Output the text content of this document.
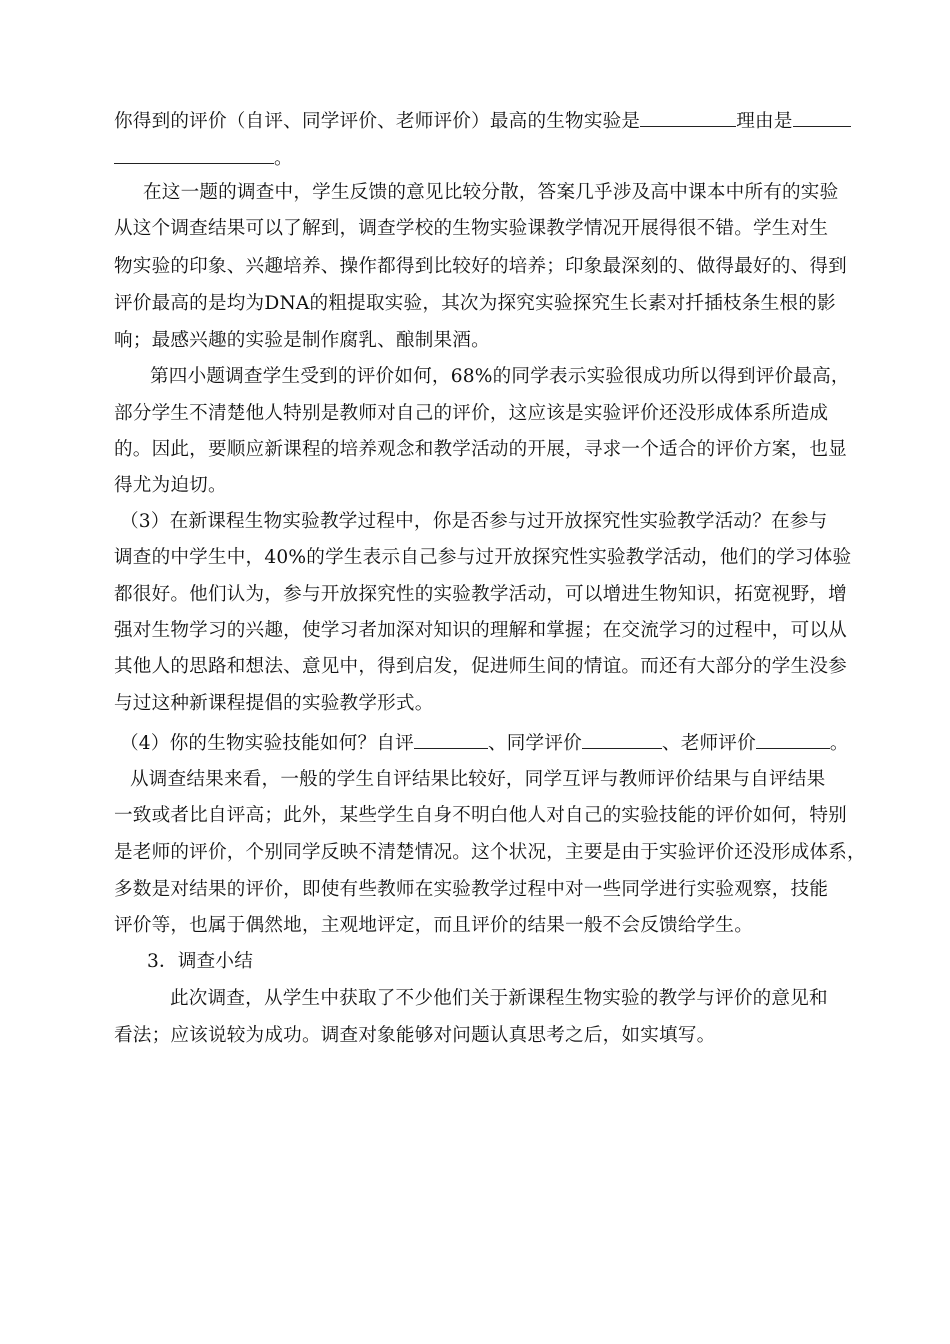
你得到的评价（自评、同学评价、老师评价）最高的生物实验是	理由是
。
在这一题的调查中，学生反馈的意见比较分散，答案几乎涉及高中课本中所有的实验
从这个调查结果可以了解到，调查学校的生物实验课教学情况开展得很不错。学生对生
物实验的印象、兴趣培养、操作都得到比较好的培养；印象最深刻的、做得最好的、得到
评价最高的是均为DNA的粗提取实验，其次为探究实验探究生长素对扦插枝条生根的影
响；最感兴趣的实验是制作腐乳、酿制果酒。
第四小题调查学生受到的评价如何，68%的同学表示实验很成功所以得到评价最高，
部分学生不清楚他人特别是教师对自己的评价，这应该是实验评价还没形成体系所造成
的。因此，要顺应新课程的培养观念和教学活动的开展，寻求一个适合的评价方案，也显
得尤为迫切。
（3）在新课程生物实验教学过程中，你是否参与过开放探究性实验教学活动？在参与
调查的中学生中，40%的学生表示自己参与过开放探究性实验教学活动，他们的学习体验
都很好。他们认为，参与开放探究性的实验教学活动，可以增进生物知识，拓宽视野，增
强对生物学习的兴趣，使学习者加深对知识的理解和掌握；在交流学习的过程中，可以从
其他人的思路和想法、意见中，得到启发，促进师生间的情谊。而还有大部分的学生没参
与过这种新课程提倡的实验教学形式。
（4）你的生物实验技能如何？自评	、同学评价	、老师评价	。
从调查结果来看，一般的学生自评结果比较好，同学互评与教师评价结果与自评结果
一致或者比自评高；此外，某些学生自身不明白他人对自己的实验技能的评价如何，特别
是老师的评价，个别同学反映不清楚情况。这个状况，主要是由于实验评价还没形成体系，
多数是对结果的评价，即使有些教师在实验教学过程中对一些同学进行实验观察，技能
评价等，也属于偶然地，主观地评定，而且评价的结果一般不会反馈给学生。
3．调查小结
此次调查，从学生中获取了不少他们关于新课程生物实验的教学与评价的意见和
看法；应该说较为成功。调查对象能够对问题认真思考之后，如实填写。
